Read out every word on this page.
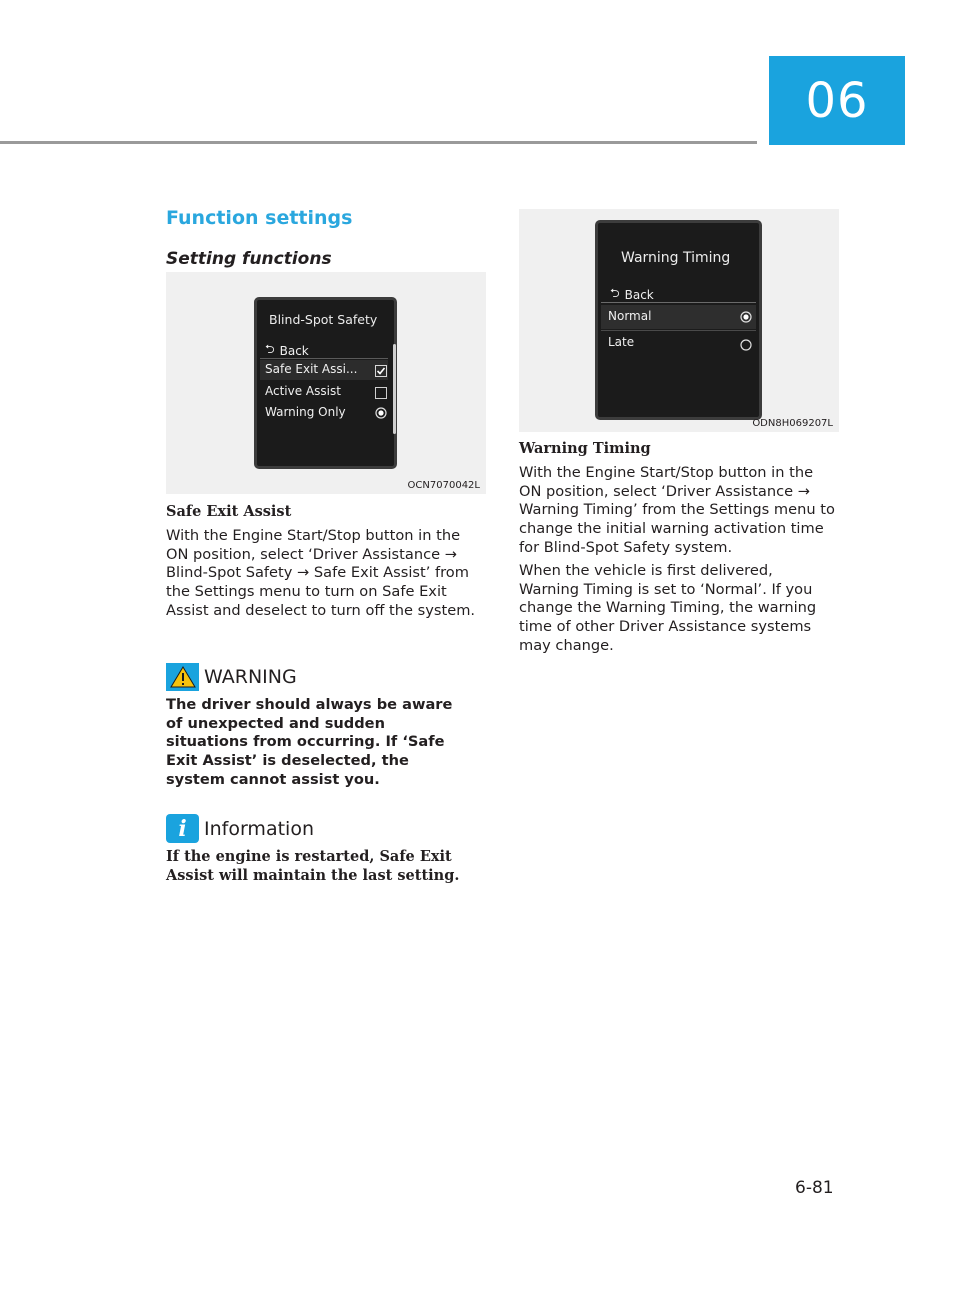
06
Function settings
Setting functions
Blind-Spot Safety
⮌ Back
Safe Exit Assi...
Active Assist
Warning Only
OCN7070042L
Safe Exit Assist

With the Engine Start/Stop button in the ON position, select ‘Driver Assistance → Blind-Spot Safety → Safe Exit Assist’ from the Settings menu to turn on Safe Exit Assist and deselect to turn off the system.

WARNING

The driver should always be aware of unexpected and sudden situations from occurring. If ‘Safe Exit Assist’ is deselected, the system cannot assist you.

i Information

If the engine is restarted, Safe Exit Assist will maintain the last setting.

Warning Timing
⮌ Back
Normal
Late
ODN8H069207L
Warning Timing

With the Engine Start/Stop button in the ON position, select ‘Driver Assistance → Warning Timing’ from the Settings menu to change the initial warning activation time for Blind-Spot Safety system.

When the vehicle is first delivered, Warning Timing is set to ‘Normal’. If you change the Warning Timing, the warning time of other Driver Assistance systems may change.

6-81
